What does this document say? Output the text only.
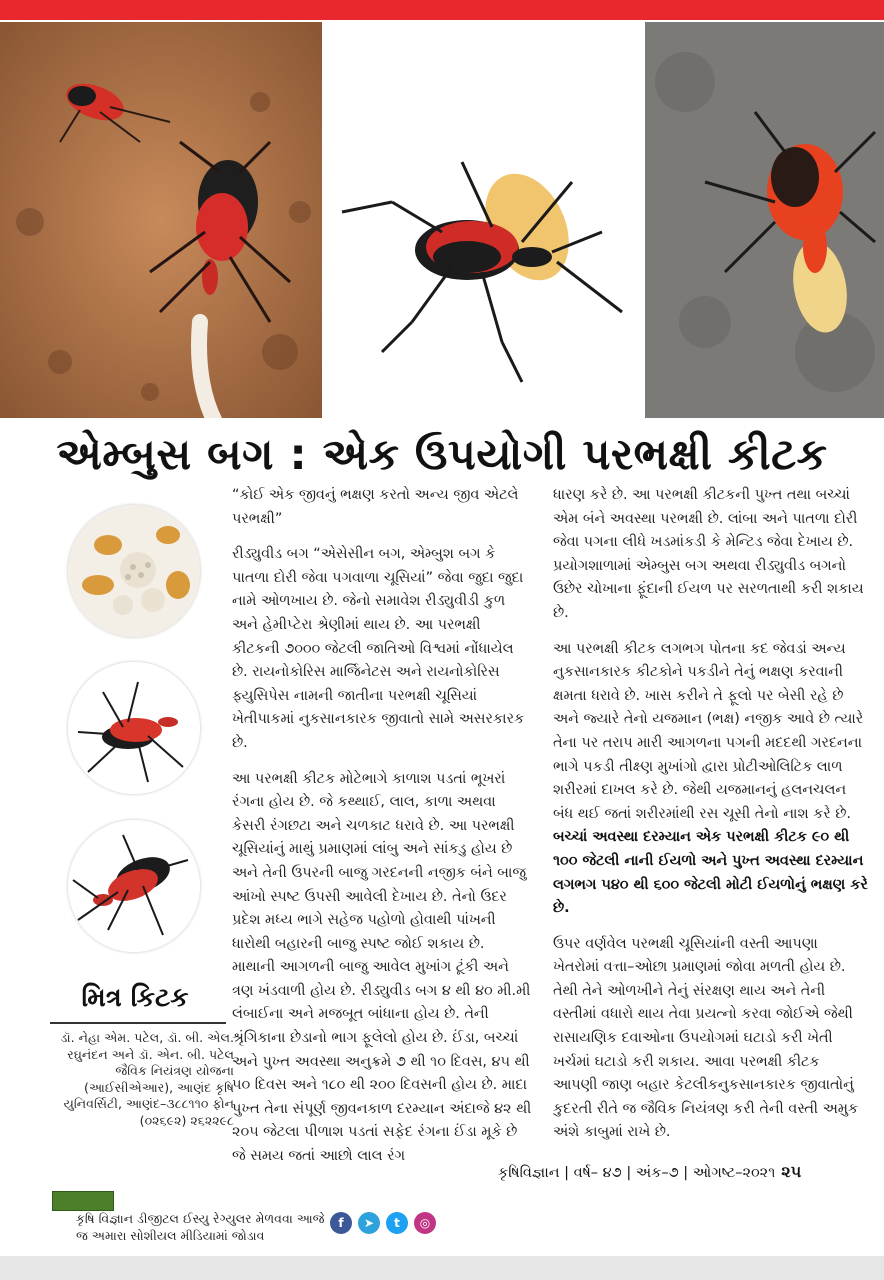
એમ્બુસ બગ : એક ઉપયોગી પરભક્ષી કીટક
મિત્ર કિટક
ડૉ. નેહા એમ. પટેલ, ડૉ. બી. એલ. રઘુનંદન અને ડૉ. એન. બી. પટેલ જૈવિક નિયંત્રણ યોજના (આઈસીએઆર), આણંદ કૃષિ યુનિવર્સિટી, આણંદ–૩૮૮૧૧૦ ફોન (૦૨૬૯૨) ૨૬૨૨૯૮

“કોઈ એક જીવનું ભક્ષણ કરતો અન્ય જીવ એટલે પરભક્ષી”

રીડ્યુવીડ બગ “એસેસીન બગ, એમ્બુશ બગ કે પાતળા દોરી જેવા પગવાળા ચૂસિયાં” જેવા જુદા જુદા નામે ઓળખાય છે. જેનો સમાવેશ રીડ્યુવીડી કુળ અને હેમીપ્ટેરા શ્રેણીમાં થાય છે. આ પરભક્ષી કીટકની ૭૦૦૦ જેટલી જાતિઓ વિશ્વમાં નોંધાયેલ છે. રાયનોકોરિસ માર્જિનેટસ અને રાયનોકોરિસ ફ્યુસિપેસ નામની જાતીના પરભક્ષી ચૂસિયાં ખેતીપાકમાં નુકસાનકારક જીવાતો સામે અસરકારક છે.

આ પરભક્ષી કીટક મોટેભાગે કાળાશ પડતાં ભૂખરાં રંગના હોય છે. જે કથ્થાઈ, લાલ, કાળા અથવા કેસરી રંગછટા અને ચળકાટ ધરાવે છે. આ પરભક્ષી ચૂસિયાંનું માથું પ્રમાણમાં લાંબુ અને સાંકડુ હોય છે અને તેની ઉપરની બાજુ ગરદનની નજીક બંને બાજુ આંખો સ્પષ્ટ ઉપસી આવેલી દેખાય છે. તેનો ઉદર પ્રદેશ મધ્ય ભાગે સહેજ પહોળો હોવાથી પાંખની ધારોથી બહારની બાજુ સ્પષ્ટ જોઈ શકાય છે. માથાની આગળની બાજુ આવેલ મુખાંગ ટૂંકી અને ત્રણ ખંડવાળી હોય છે. રીડ્યુવીડ બગ ૪ થી ૪૦ મી.મી લંબાઈના અને મજબૂત બાંધાના હોય છે. તેની શ્રૃંગિકાના છેડાનો ભાગ ફૂલેલો હોય છે. ઈંડા, બચ્ચાં અને પુખ્ત અવસ્થા અનુક્રમે ૭ થી ૧૦ દિવસ, ૪૫ થી ૫૦ દિવસ અને ૧૮૦ થી ૨૦૦ દિવસની હોય છે. માદા પુખ્ત તેના સંપૂર્ણ જીવનકાળ દરમ્યાન અંદાજે ૪૨ થી ૨૦૫ જેટલા પીળાશ પડતાં સફેદ રંગના ઈંડા મૂકે છે જે સમય જતાં આછો લાલ રંગ

ધારણ કરે છે. આ પરભક્ષી કીટકની પુખ્ત તથા બચ્ચાં એમ બંને અવસ્થા પરભક્ષી છે. લાંબા અને પાતળા દોરી જેવા પગના લીધે ખડમાંકડી કે મેન્ટિડ જેવા દેખાય છે. પ્રયોગશાળામાં એમ્બુસ બગ અથવા રીડ્યુવીડ બગનો ઉછેર ચોખાના ફૂંદાની ઈયળ પર સરળતાથી કરી શકાય છે.

આ પરભક્ષી કીટક લગભગ પોતના કદ જેવડાં અન્ય નુકસાનકારક કીટકોને પકડીને તેનું ભક્ષણ કરવાની ક્ષમતા ધરાવે છે. ખાસ કરીને તે ફૂલો પર બેસી રહે છે અને જ્યારે તેનો યજમાન (ભક્ષ) નજીક આવે છે ત્યારે તેના પર તરાપ મારી આગળના પગની મદદથી ગરદનના ભાગે પકડી તીક્ષ્ણ મુખાંગો દ્વારા પ્રોટીઓલિટિક લાળ શરીરમાં દાખલ કરે છે. જેથી યજમાનનું હલનચલન બંધ થઈ જતાં શરીરમાંથી રસ ચૂસી તેનો નાશ કરે છે. બચ્ચાં અવસ્થા દરમ્યાન એક પરભક્ષી કીટક ૯૦ થી ૧૦૦ જેટલી નાની ઈયળો અને પુખ્ત અવસ્થા દરમ્યાન લગભગ ૫૪૦ થી ૬૦૦ જેટલી મોટી ઈયળોનું ભક્ષણ કરે છે.

ઉપર વર્ણવેલ પરભક્ષી ચૂસિયાંની વસ્તી આપણા ખેતરોમાં વત્તા–ઓછા પ્રમાણમાં જોવા મળતી હોય છે. તેથી તેને ઓળખીને તેનું સંરક્ષણ થાય અને તેની વસ્તીમાં વધારો થાય તેવા પ્રયત્નો કરવા જોઈએ જેથી રાસાયણિક દવાઓના ઉપયોગમાં ઘટાડો કરી ખેતી ખર્ચમાં ઘટાડો કરી શકાય. આવા પરભક્ષી કીટક આપણી જાણ બહાર કેટલીકનુકસાનકારક જીવાતોનું કુદરતી રીતે જ જૈવિક નિયંત્રણ કરી તેની વસ્તી અમુક અંશે કાબુમાં રાખે છે.

કૃષિવિજ્ઞાન | વર્ષ– ૪૭ | અંક–૭ | ઓગષ્ટ–૨૦૨૧ ૨૫
કૃષિ વિજ્ઞાન ડીજીટલ ઈસ્યુ રેગ્યુલર મેળવવા આજે જ અમારા સોશીયલ મીડિયામાં જોડાવ
f	➤	t	◎
